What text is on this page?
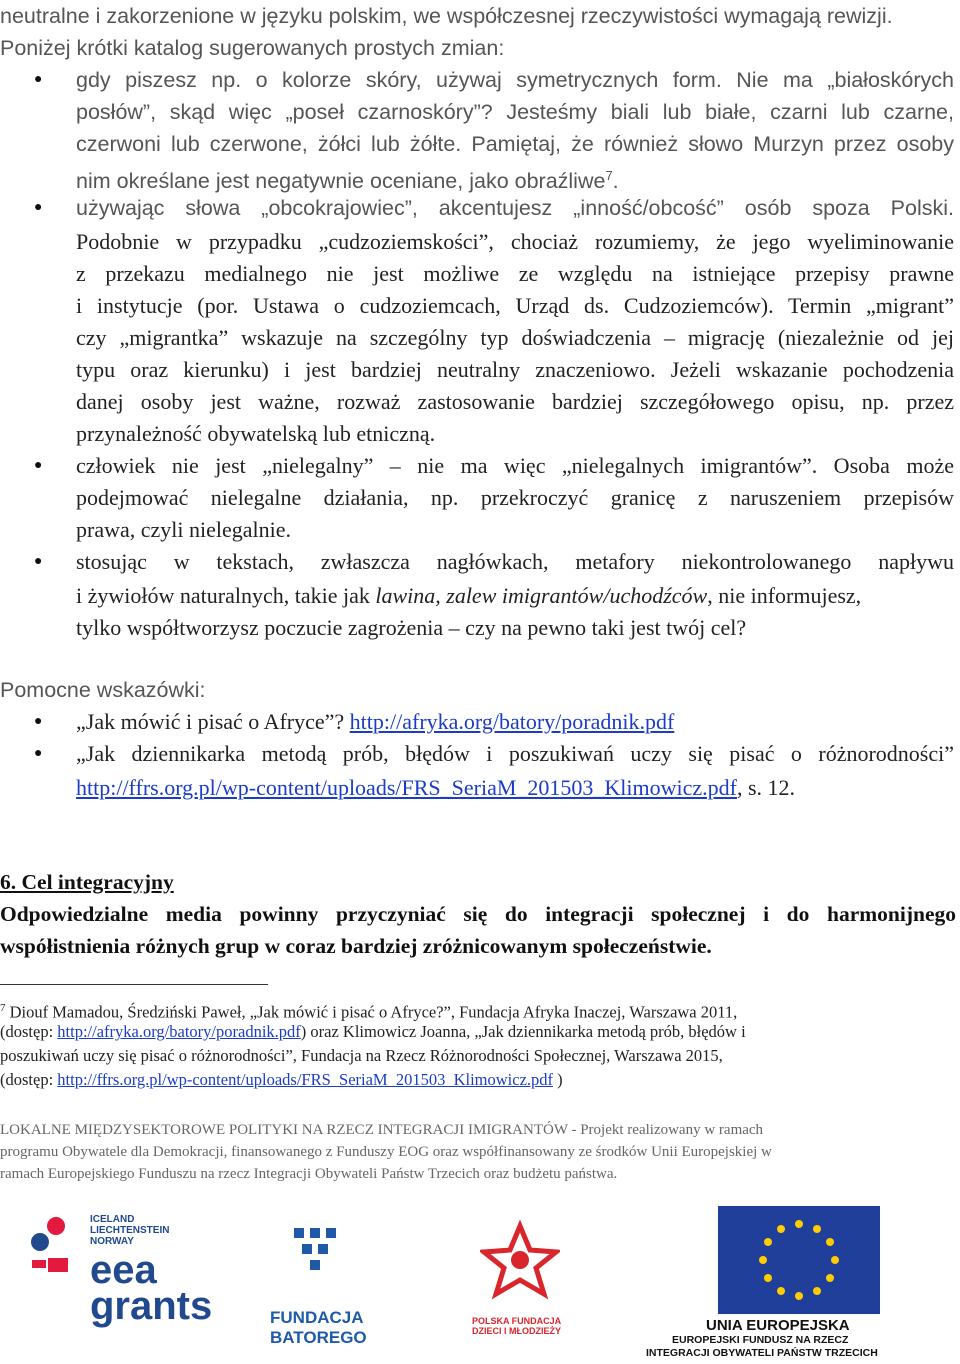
neutralne i zakorzenione w języku polskim, we współczesnej rzeczywistości wymagają rewizji.
Poniżej krótki katalog sugerowanych prostych zmian:
● gdy piszesz np. o kolorze skóry, używaj symetrycznych form. Nie ma „białoskórych
posłów”, skąd więc „poseł czarnoskóry”? Jesteśmy biali lub białe, czarni lub czarne,
czerwoni lub czerwone, żółci lub żółte. Pamiętaj, że również słowo Murzyn przez osoby
nim określane jest negatywnie oceniane, jako obraźliwe$^7$.
● używając słowa „obcokrajowiec”, akcentujesz „inność/obcość” osób spoza Polski.
Podobnie w przypadku „cudzoziemskości”, chociaż rozumiemy, że jego wyeliminowanie
z przekazu medialnego nie jest możliwe ze względu na istniejące przepisy prawne
i instytucje (por. Ustawa o cudzoziemcach, Urząd ds. Cudzoziemców). Termin „migrant”
czy „migrantka” wskazuje na szczególny typ doświadczenia – migrację (niezależnie od jej
typu oraz kierunku) i jest bardziej neutralny znaczeniowo. Jeżeli wskazanie pochodzenia
danej osoby jest ważne, rozważ zastosowanie bardziej szczegółowego opisu, np. przez
przynależność obywatelską lub etniczną.
● człowiek nie jest „nielegalny” – nie ma więc „nielegalnych imigrantów”. Osoba może
podejmować nielegalne działania, np. przekroczyć granicę z naruszeniem przepisów
prawa, czyli nielegalnie.
● stosując w tekstach, zwłaszcza nagłówkach, metafory niekontrolowanego napływu
i żywiołów naturalnych, takie jak lawina, zalew imigrantów/uchodźców, nie informujesz,
tylko współtworzysz poczucie zagrożenia – czy na pewno taki jest twój cel?
Pomocne wskazówki:
● „Jak mówić i pisać o Afryce”? http://afryka.org/batory/poradnik.pdf
● „Jak dziennikarka metodą prób, błędów i poszukiwań uczy się pisać o różnorodności”
http://ffrs.org.pl/wp-content/uploads/FRS_SeriaM_201503_Klimowicz.pdf, s. 12.
6. Cel integracyjny
Odpowiedzialne media powinny przyczyniać się do integracji społecznej i do harmonijnego
współistnienia różnych grup w coraz bardziej zróżnicowanym społeczeństwie.
$^7$ Diouf Mamadou, Średziński Paweł, „Jak mówić i pisać o Afryce?”, Fundacja Afryka Inaczej, Warszawa 2011,
(dostęp: http://afryka.org/batory/poradnik.pdf) oraz Klimowicz Joanna, „Jak dziennikarka metodą prób, błędów i
poszukiwań uczy się pisać o różnorodności”, Fundacja na Rzecz Różnorodności Społecznej, Warszawa 2015,
(dostęp: http://ffrs.org.pl/wp-content/uploads/FRS_SeriaM_201503_Klimowicz.pdf )
LOKALNE MIĘDZYSEKTOROWE POLITYKI NA RZECZ INTEGRACJI IMIGRANTÓW - Projekt realizowany w ramach
programu Obywatele dla Demokracji, finansowanego z Funduszy EOG oraz współfinansowany ze środków Unii Europejskiej w
ramach Europejskiego Funduszu na rzecz Integracji Obywateli Państw Trzecich oraz budżetu państwa.
ICELAND
LIECHTENSTEIN
NORWAY
eea
grants	FUNDACJA
BATOREGO
POLSKA FUNDACJA
DZIECI I MŁODZIEŻY	UNIA EUROPEJSKA
EUROPEJSKI FUNDUSZ NA RZECZ
INTEGRACJI OBYWATELI PAŃSTW TRZECICH
